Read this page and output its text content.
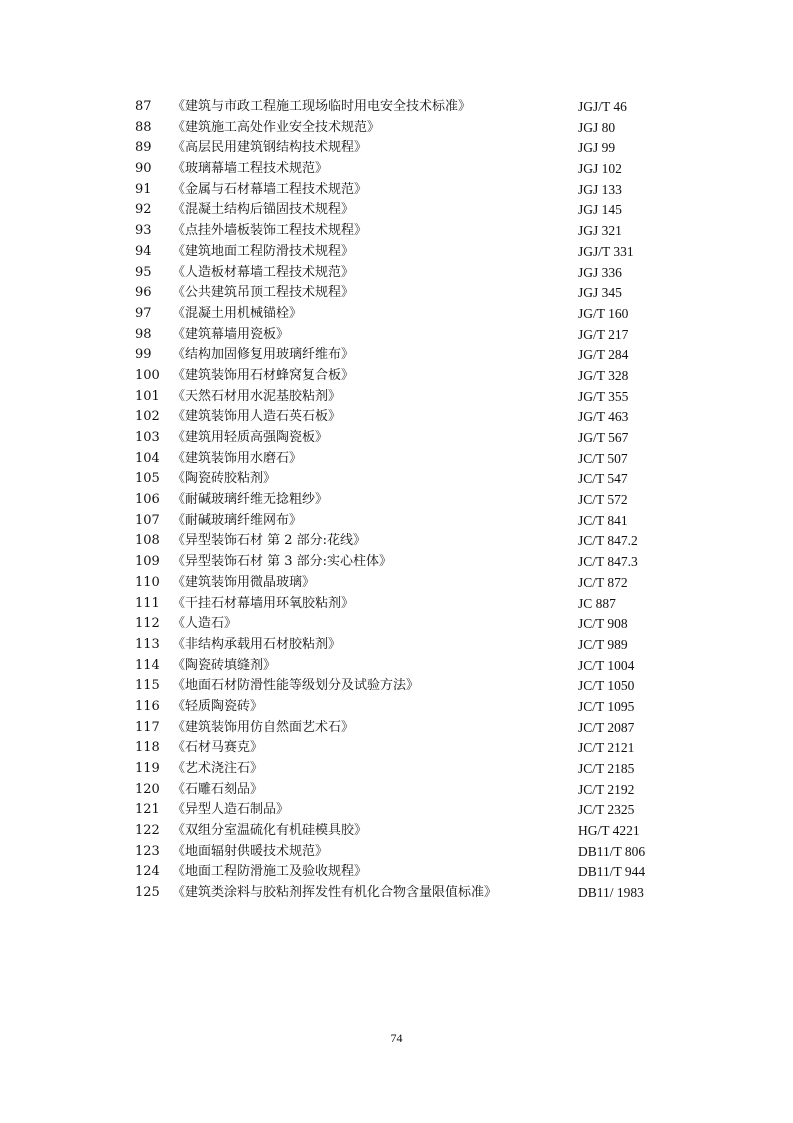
87	《建筑与市政工程施工现场临时用电安全技术标准》	JGJ/T 46
88	《建筑施工高处作业安全技术规范》	JGJ 80
89	《高层民用建筑钢结构技术规程》	JGJ 99
90	《玻璃幕墙工程技术规范》	JGJ 102
91	《金属与石材幕墙工程技术规范》	JGJ 133
92	《混凝土结构后锚固技术规程》	JGJ 145
93	《点挂外墙板装饰工程技术规程》	JGJ 321
94	《建筑地面工程防滑技术规程》	JGJ/T 331
95	《人造板材幕墙工程技术规范》	JGJ 336
96	《公共建筑吊顶工程技术规程》	JGJ 345
97	《混凝土用机械锚栓》	JG/T 160
98	《建筑幕墙用瓷板》	JG/T 217
99	《结构加固修复用玻璃纤维布》	JG/T 284
100 《建筑装饰用石材蜂窝复合板》	JG/T 328
101 《天然石材用水泥基胶粘剂》	JG/T 355
102 《建筑装饰用人造石英石板》	JG/T 463
103 《建筑用轻质高强陶瓷板》	JG/T 567
104 《建筑装饰用水磨石》	JC/T 507
105 《陶瓷砖胶粘剂》	JC/T 547
106 《耐碱玻璃纤维无捻粗纱》	JC/T 572
107 《耐碱玻璃纤维网布》	JC/T 841
108 《异型装饰石材 第 2 部分:花线》	JC/T 847.2
109 《异型装饰石材 第 3 部分:实心柱体》	JC/T 847.3
110 《建筑装饰用微晶玻璃》	JC/T 872
111 《干挂石材幕墙用环氧胶粘剂》	JC 887
112 《人造石》	JC/T 908
113 《非结构承载用石材胶粘剂》	JC/T 989
114 《陶瓷砖填缝剂》	JC/T 1004
115 《地面石材防滑性能等级划分及试验方法》	JC/T 1050
116 《轻质陶瓷砖》	JC/T 1095
117 《建筑装饰用仿自然面艺术石》	JC/T 2087
118 《石材马赛克》	JC/T 2121
119 《艺术浇注石》	JC/T 2185
120 《石雕石刻品》	JC/T 2192
121 《异型人造石制品》	JC/T 2325
122 《双组分室温硫化有机硅模具胶》	HG/T 4221
123 《地面辐射供暖技术规范》	DB11/T 806
124 《地面工程防滑施工及验收规程》	DB11/T 944
125 《建筑类涂料与胶粘剂挥发性有机化合物含量限值标准》	DB11/ 1983
74
